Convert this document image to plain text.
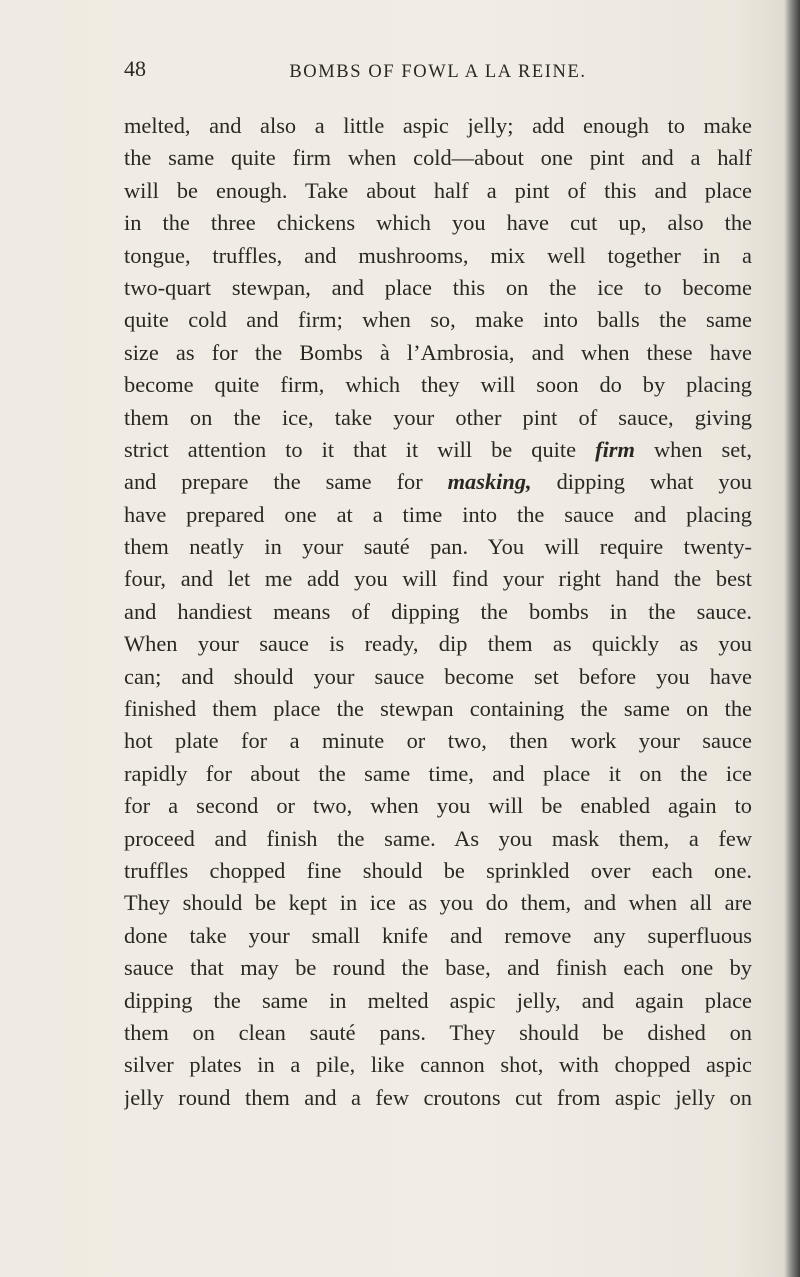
48	BOMBS OF FOWL A LA REINE.
melted, and also a little aspic jelly; add enough to make
the same quite firm when cold—about one pint and a half
will be enough. Take about half a pint of this and place
in the three chickens which you have cut up, also the
tongue, truffles, and mushrooms, mix well together in a
two-quart stewpan, and place this on the ice to become
quite cold and firm; when so, make into balls the same
size as for the Bombs à l’Ambrosia, and when these have
become quite firm, which they will soon do by placing
them on the ice, take your other pint of sauce, giving
strict attention to it that it will be quite firm when set,
and prepare the same for masking, dipping what you
have prepared one at a time into the sauce and placing
them neatly in your sauté pan. You will require twenty-
four, and let me add you will find your right hand the best
and handiest means of dipping the bombs in the sauce.
When your sauce is ready, dip them as quickly as you
can; and should your sauce become set before you have
finished them place the stewpan containing the same on the
hot plate for a minute or two, then work your sauce
rapidly for about the same time, and place it on the ice
for a second or two, when you will be enabled again to
proceed and finish the same. As you mask them, a few
truffles chopped fine should be sprinkled over each one.
They should be kept in ice as you do them, and when all are
done take your small knife and remove any superfluous
sauce that may be round the base, and finish each one by
dipping the same in melted aspic jelly, and again place
them on clean sauté pans. They should be dished on
silver plates in a pile, like cannon shot, with chopped aspic
jelly round them and a few croutons cut from aspic jelly on
